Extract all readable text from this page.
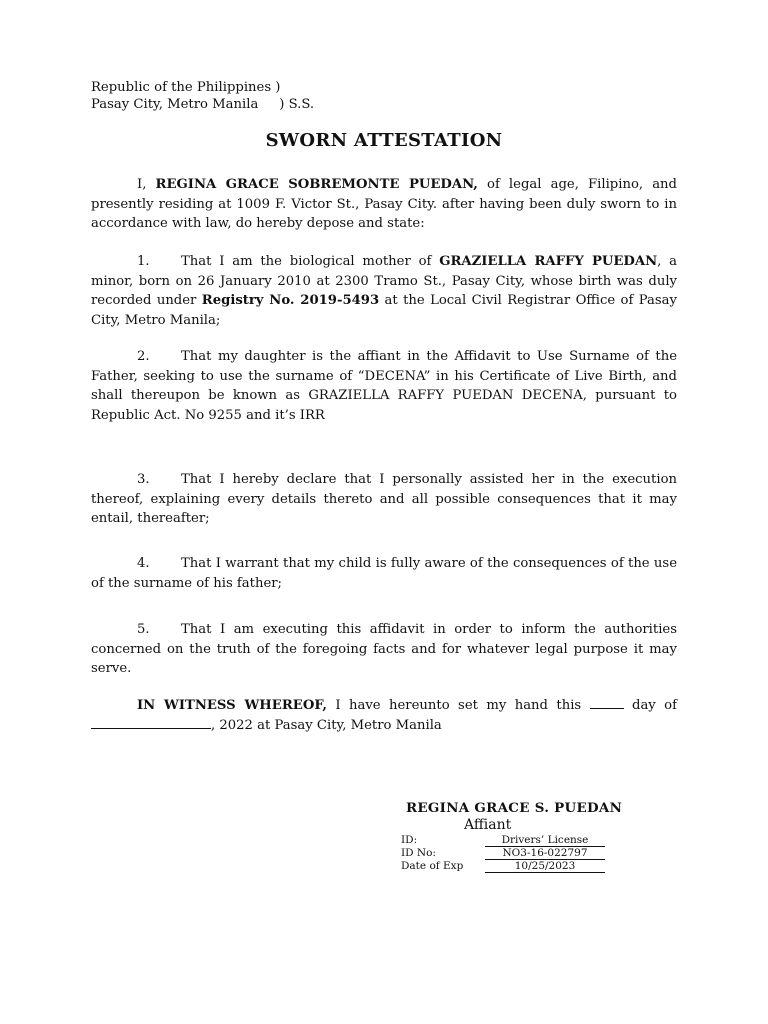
Republic of the Philippines )
Pasay City, Metro Manila     ) S.S.
SWORN ATTESTATION
I, REGINA GRACE SOBREMONTE PUEDAN, of legal age, Filipino, and presently residing at 1009 F. Victor St., Pasay City. after having been duly sworn to in accordance with law, do hereby depose and state:
1. That I am the biological mother of GRAZIELLA RAFFY PUEDAN, a minor, born on 26 January 2010 at 2300 Tramo St., Pasay City, whose birth was duly recorded under Registry No. 2019-5493 at the Local Civil Registrar Office of Pasay City, Metro Manila;
2. That my daughter is the affiant in the Affidavit to Use Surname of the Father, seeking to use the surname of “DECENA” in his Certificate of Live Birth, and shall thereupon be known as GRAZIELLA RAFFY PUEDAN DECENA, pursuant to Republic Act. No 9255 and it’s IRR
3. That I hereby declare that I personally assisted her in the execution thereof, explaining every details thereto and all possible consequences that it may entail, thereafter;
4. That I warrant that my child is fully aware of the consequences of the use of the surname of his father;
5. That I am executing this affidavit in order to inform the authorities concerned on the truth of the foregoing facts and for whatever legal purpose it may serve.
IN WITNESS WHEREOF, I have hereunto set my hand this	day of , 2022 at Pasay City, Metro Manila
REGINA GRACE S. PUEDAN
Affiant
ID:	Drivers’ License
ID No:	NO3-16-022797
Date of Exp	10/25/2023
